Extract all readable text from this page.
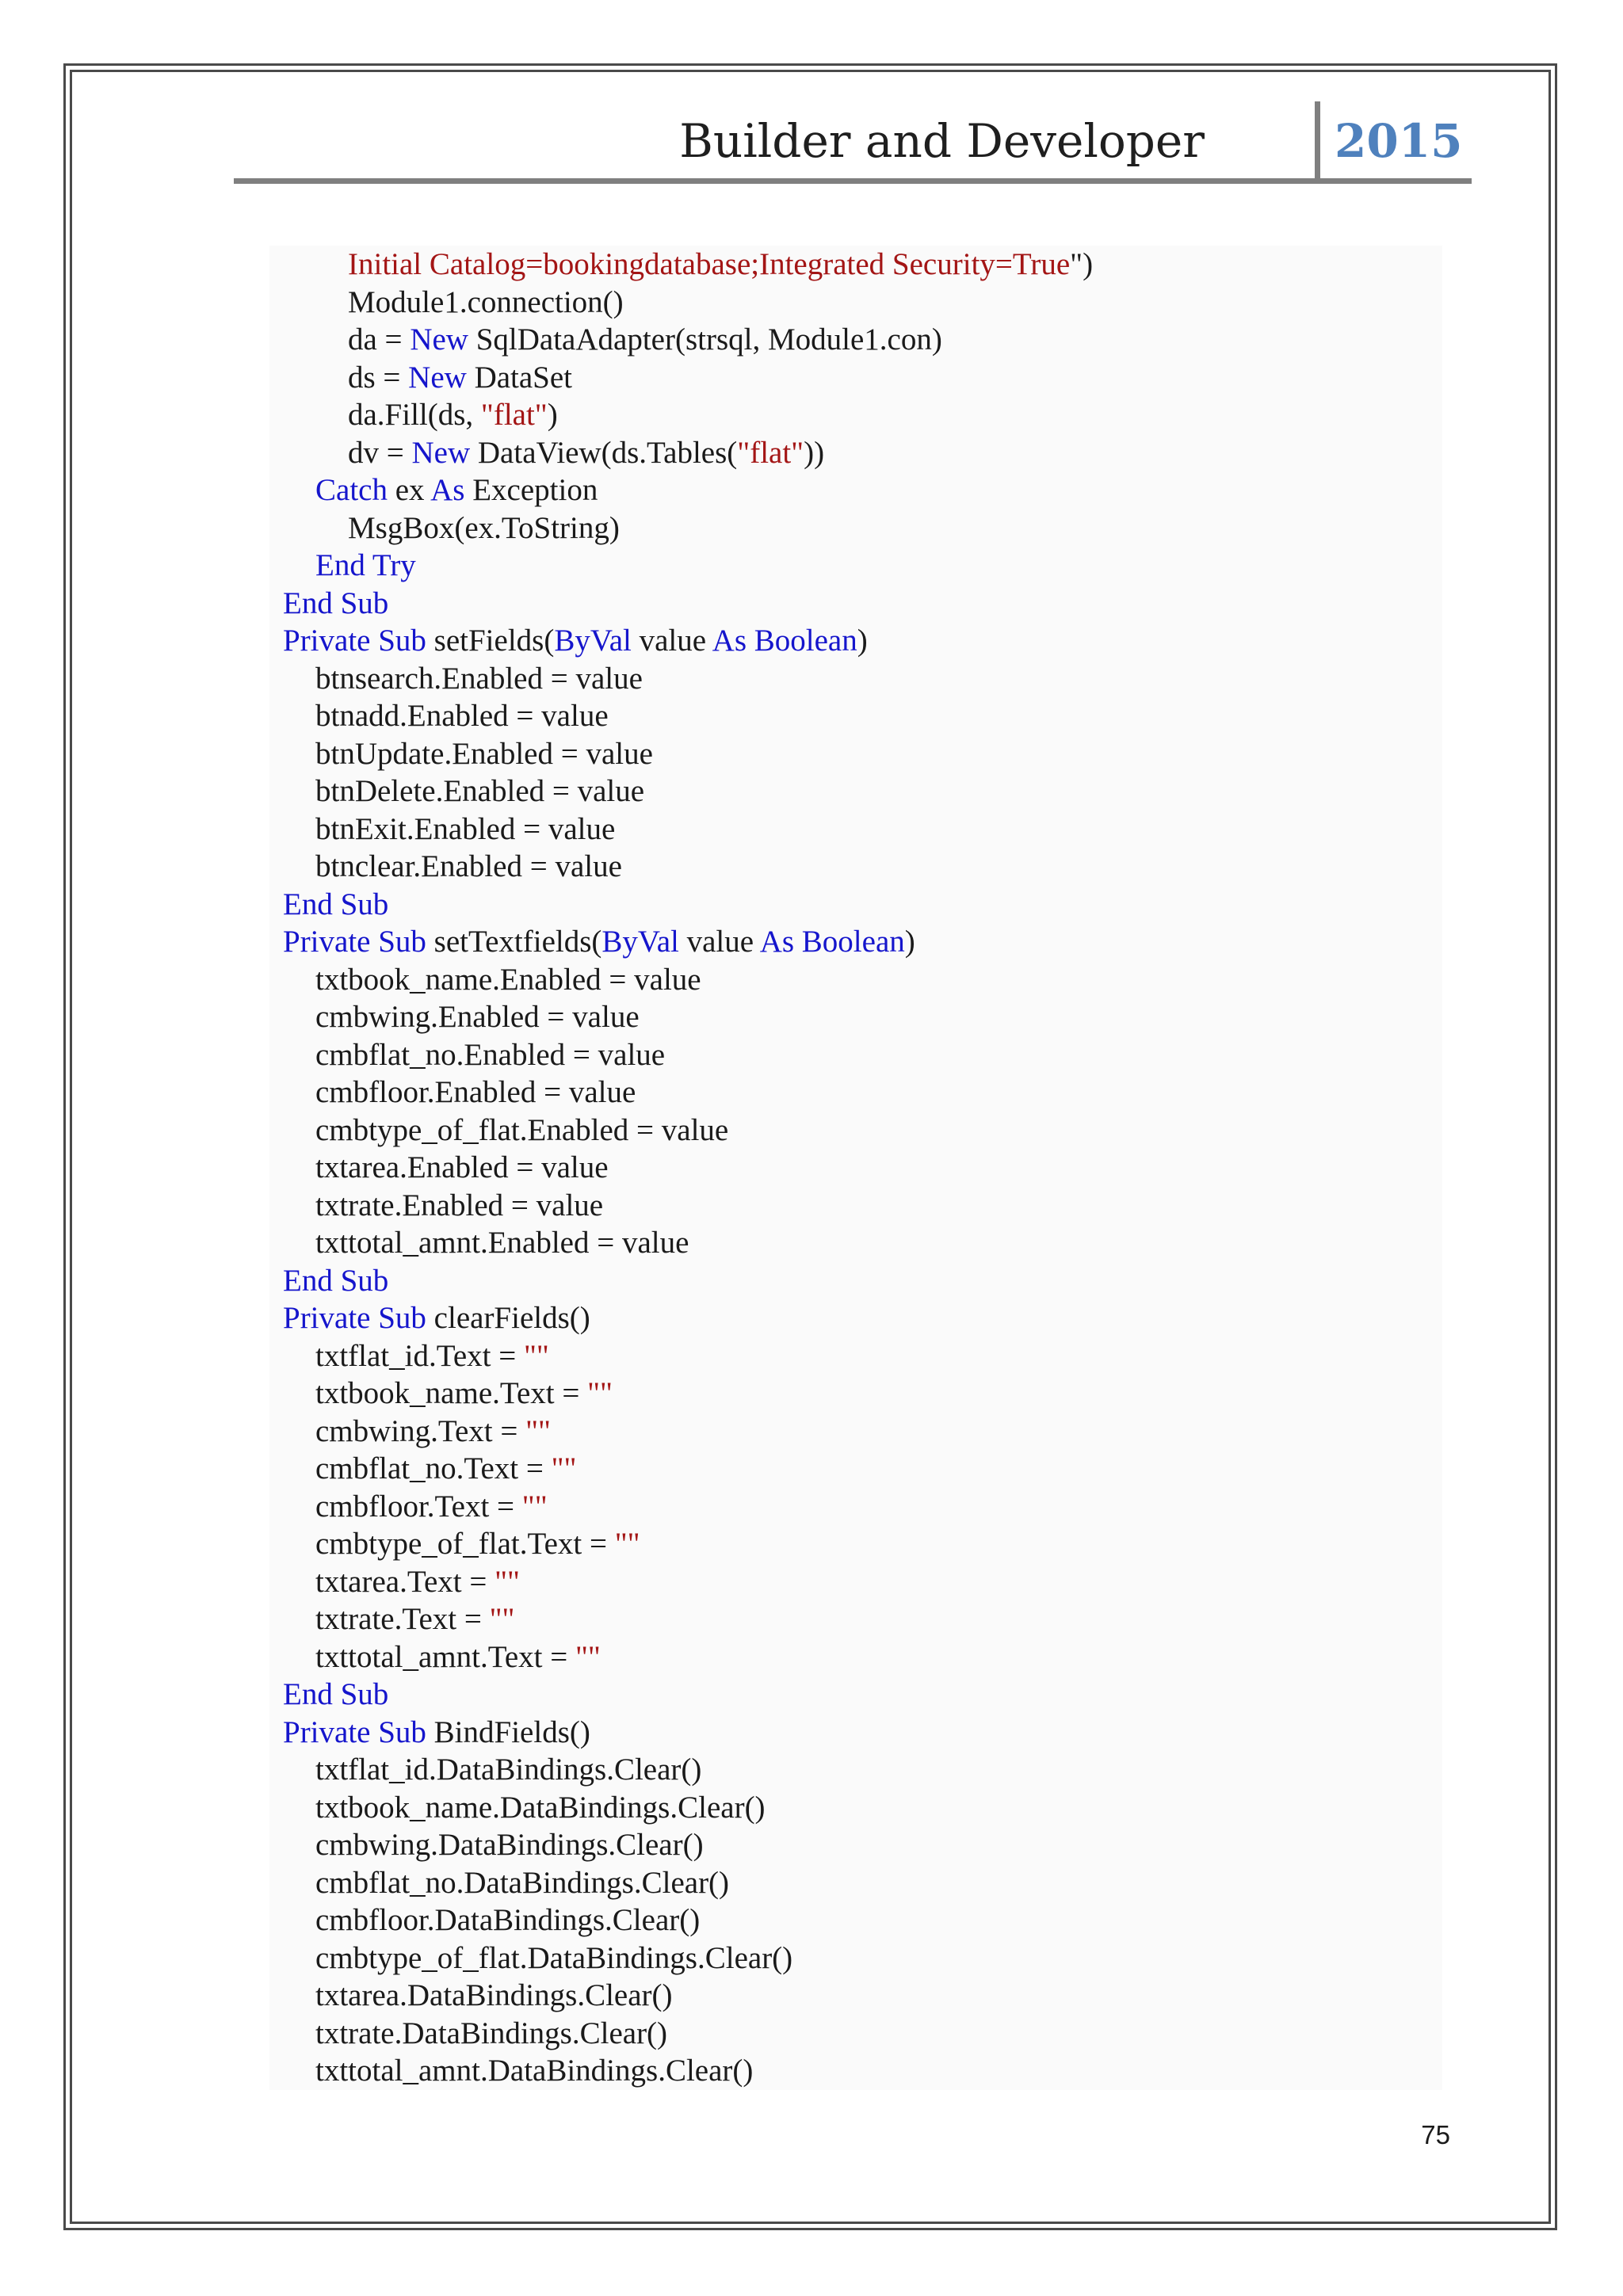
Builder and Developer	2015
Initial Catalog=bookingdatabase;Integrated Security=True")
Module1.connection()
da = New SqlDataAdapter(strsql, Module1.con)
ds = New DataSet
da.Fill(ds, "flat")
dv = New DataView(ds.Tables("flat"))
Catch ex As Exception
MsgBox(ex.ToString)
End Try
End Sub
Private Sub setFields(ByVal value As Boolean)
btnsearch.Enabled = value
btnadd.Enabled = value
btnUpdate.Enabled = value
btnDelete.Enabled = value
btnExit.Enabled = value
btnclear.Enabled = value
End Sub
Private Sub setTextfields(ByVal value As Boolean)
txtbook_name.Enabled = value
cmbwing.Enabled = value
cmbflat_no.Enabled = value
cmbfloor.Enabled = value
cmbtype_of_flat.Enabled = value
txtarea.Enabled = value
txtrate.Enabled = value
txttotal_amnt.Enabled = value
End Sub
Private Sub clearFields()
txtflat_id.Text = ""
txtbook_name.Text = ""
cmbwing.Text = ""
cmbflat_no.Text = ""
cmbfloor.Text = ""
cmbtype_of_flat.Text = ""
txtarea.Text = ""
txtrate.Text = ""
txttotal_amnt.Text = ""
End Sub
Private Sub BindFields()
txtflat_id.DataBindings.Clear()
txtbook_name.DataBindings.Clear()
cmbwing.DataBindings.Clear()
cmbflat_no.DataBindings.Clear()
cmbfloor.DataBindings.Clear()
cmbtype_of_flat.DataBindings.Clear()
txtarea.DataBindings.Clear()
txtrate.DataBindings.Clear()
txttotal_amnt.DataBindings.Clear()
75
